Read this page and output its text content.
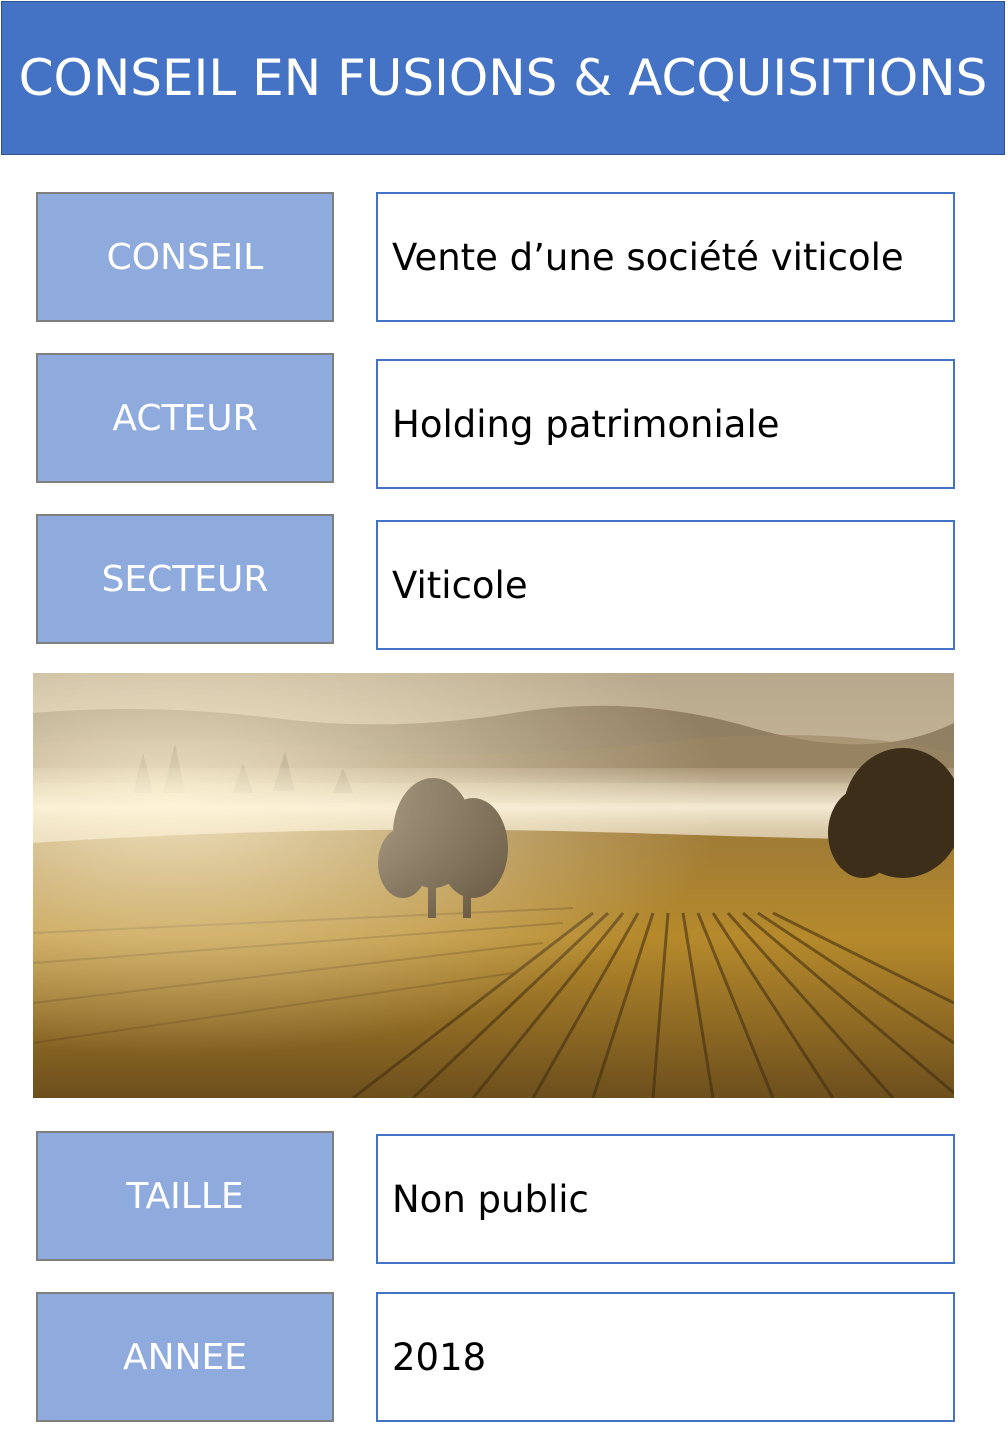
CONSEIL EN FUSIONS & ACQUISITIONS
CONSEIL	Vente d’une société viticole
ACTEUR	Holding patrimoniale
SECTEUR	Viticole
TAILLE	Non public
ANNEE	2018
